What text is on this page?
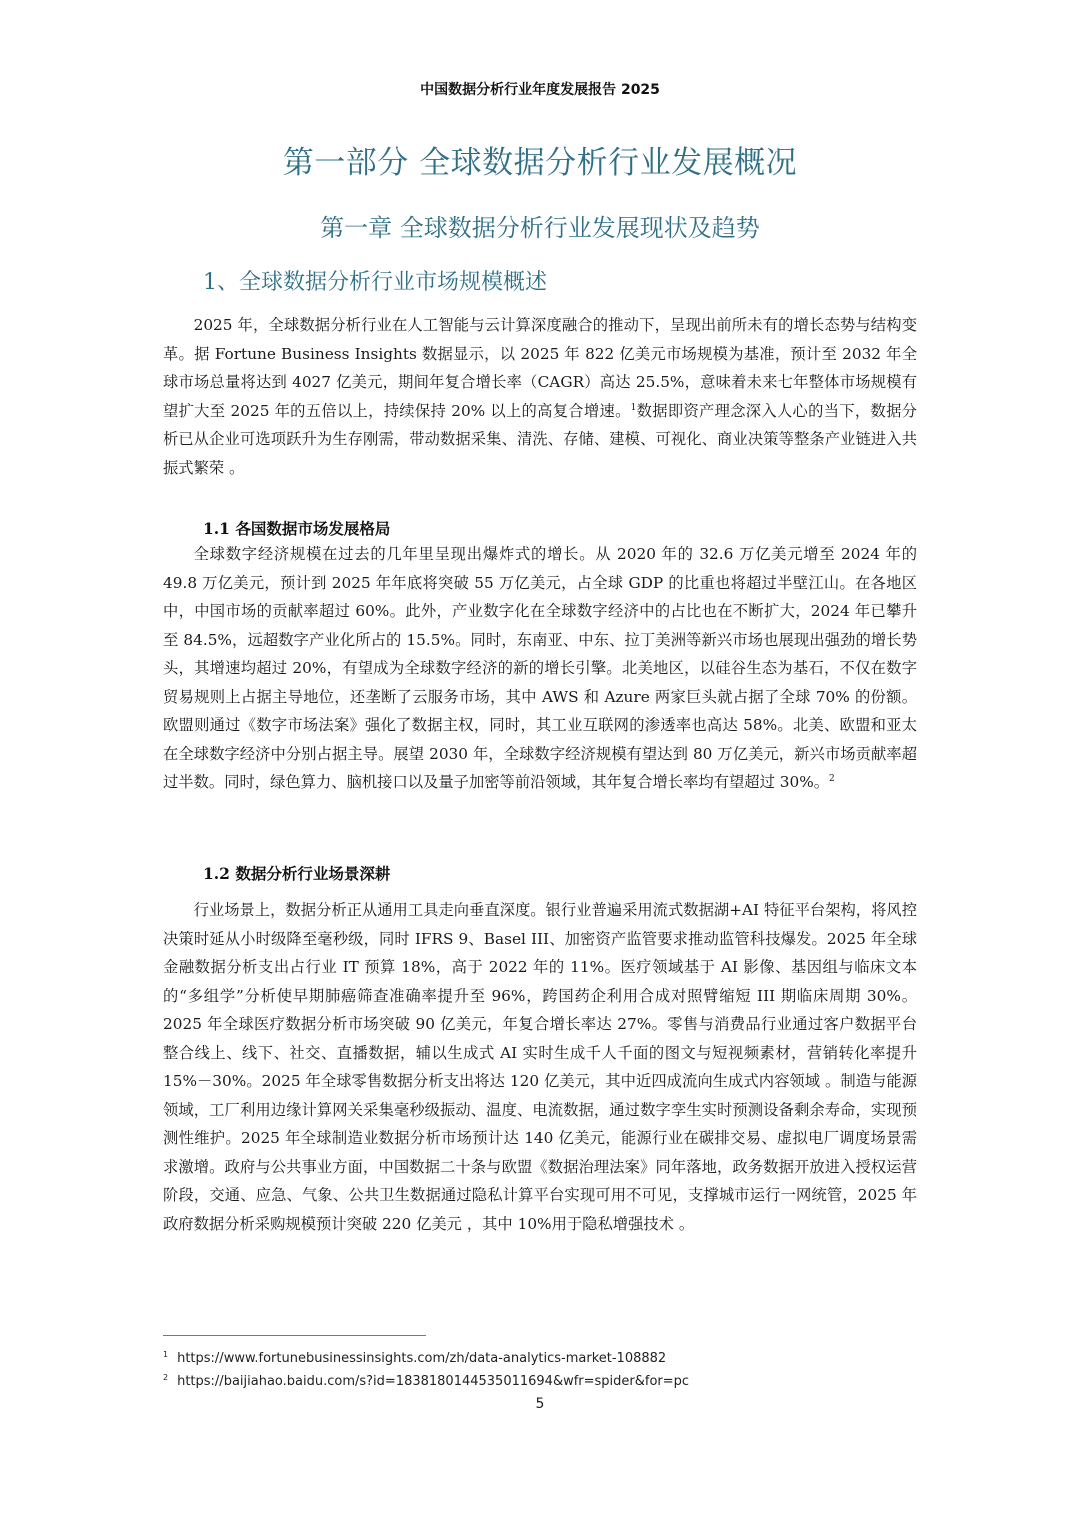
中国数据分析行业年度发展报告 2025
第一部分 全球数据分析行业发展概况
第一章 全球数据分析行业发展现状及趋势
1、全球数据分析行业市场规模概述

2025 年，全球数据分析行业在人工智能与云计算深度融合的推动下，呈现出前所未有的增长态势与结构变革。据 Fortune Business Insights 数据显示，以 2025 年 822 亿美元市场规模为基准，预计至 2032 年全球市场总量将达到 4027 亿美元，期间年复合增长率（CAGR）高达 25.5%，意味着未来七年整体市场规模有望扩大至 2025 年的五倍以上，持续保持 20% 以上的高复合增速。$^1$数据即资产理念深入人心的当下，数据分析已从企业可选项跃升为生存刚需，带动数据采集、清洗、存储、建模、可视化、商业决策等整条产业链进入共振式繁荣 。

1.1 各国数据市场发展格局

全球数字经济规模在过去的几年里呈现出爆炸式的增长。从 2020 年的 32.6 万亿美元增至 2024 年的 49.8 万亿美元，预计到 2025 年年底将突破 55 万亿美元，占全球 GDP 的比重也将超过半壁江山。在各地区中，中国市场的贡献率超过 60%。此外，产业数字化在全球数字经济中的占比也在不断扩大，2024 年已攀升至 84.5%，远超数字产业化所占的 15.5%。同时，东南亚、中东、拉丁美洲等新兴市场也展现出强劲的增长势头，其增速均超过 20%，有望成为全球数字经济的新的增长引擎。北美地区，以硅谷生态为基石，不仅在数字贸易规则上占据主导地位，还垄断了云服务市场，其中 AWS 和 Azure 两家巨头就占据了全球 70% 的份额。欧盟则通过《数字市场法案》强化了数据主权，同时，其工业互联网的渗透率也高达 58%。北美、欧盟和亚太在全球数字经济中分别占据主导。展望 2030 年，全球数字经济规模有望达到 80 万亿美元，新兴市场贡献率超过半数。同时，绿色算力、脑机接口以及量子加密等前沿领域，其年复合增长率均有望超过 30%。$^2$

1.2 数据分析行业场景深耕

行业场景上，数据分析正从通用工具走向垂直深度。银行业普遍采用流式数据湖+AI 特征平台架构，将风控决策时延从小时级降至毫秒级，同时 IFRS 9、Basel III、加密资产监管要求推动监管科技爆发。2025 年全球金融数据分析支出占行业 IT 预算 18%，高于 2022 年的 11%。医疗领域基于 AI 影像、基因组与临床文本的“多组学”分析使早期肺癌筛查准确率提升至 96%，跨国药企利用合成对照臂缩短 III 期临床周期 30%。2025 年全球医疗数据分析市场突破 90 亿美元，年复合增长率达 27%。零售与消费品行业通过客户数据平台整合线上、线下、社交、直播数据，辅以生成式 AI 实时生成千人千面的图文与短视频素材，营销转化率提升 15%－30%。2025 年全球零售数据分析支出将达 120 亿美元，其中近四成流向生成式内容领域 。制造与能源领域，工厂利用边缘计算网关采集毫秒级振动、温度、电流数据，通过数字孪生实时预测设备剩余寿命，实现预测性维护。2025 年全球制造业数据分析市场预计达 140 亿美元，能源行业在碳排交易、虚拟电厂调度场景需求激增。政府与公共事业方面，中国数据二十条与欧盟《数据治理法案》同年落地，政务数据开放进入授权运营阶段，交通、应急、气象、公共卫生数据通过隐私计算平台实现可用不可见，支撑城市运行一网统管，2025 年政府数据分析采购规模预计突破 220 亿美元 ，其中 10%用于隐私增强技术 。

$^1$ https://www.fortunebusinessinsights.com/zh/data-analytics-market-108882
$^2$ https://baijiahao.baidu.com/s?id=1838180144535011694&wfr=spider&for=pc
5
